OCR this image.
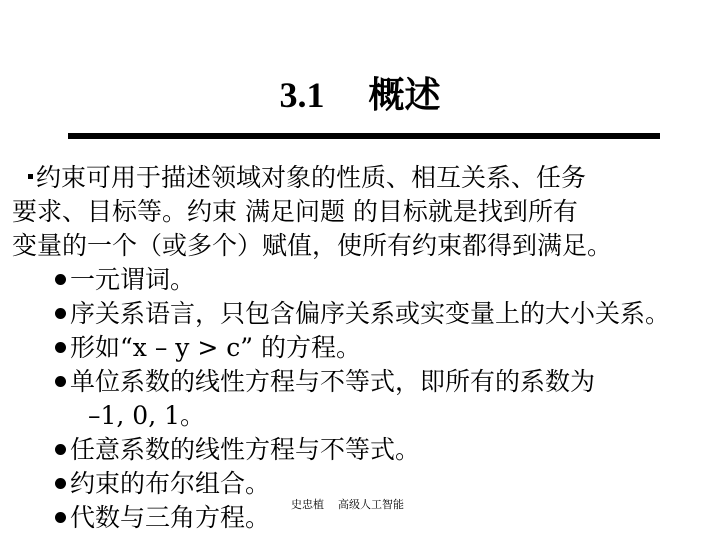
3.1 概述
约束可用于描述领域对象的性质、相互关系、任务
要求、目标等。约束 满足问题 的目标就是找到所有
变量的一个（或多个）赋值，使所有约束都得到满足。
一元谓词。
序关系语言，只包含偏序关系或实变量上的大小关系。
形如“x – y > c” 的方程。
单位系数的线性方程与不等式，即所有的系数为
–1, 0, 1。
任意系数的线性方程与不等式。
约束的布尔组合。
代数与三角方程。 史忠植 高级人工智能
